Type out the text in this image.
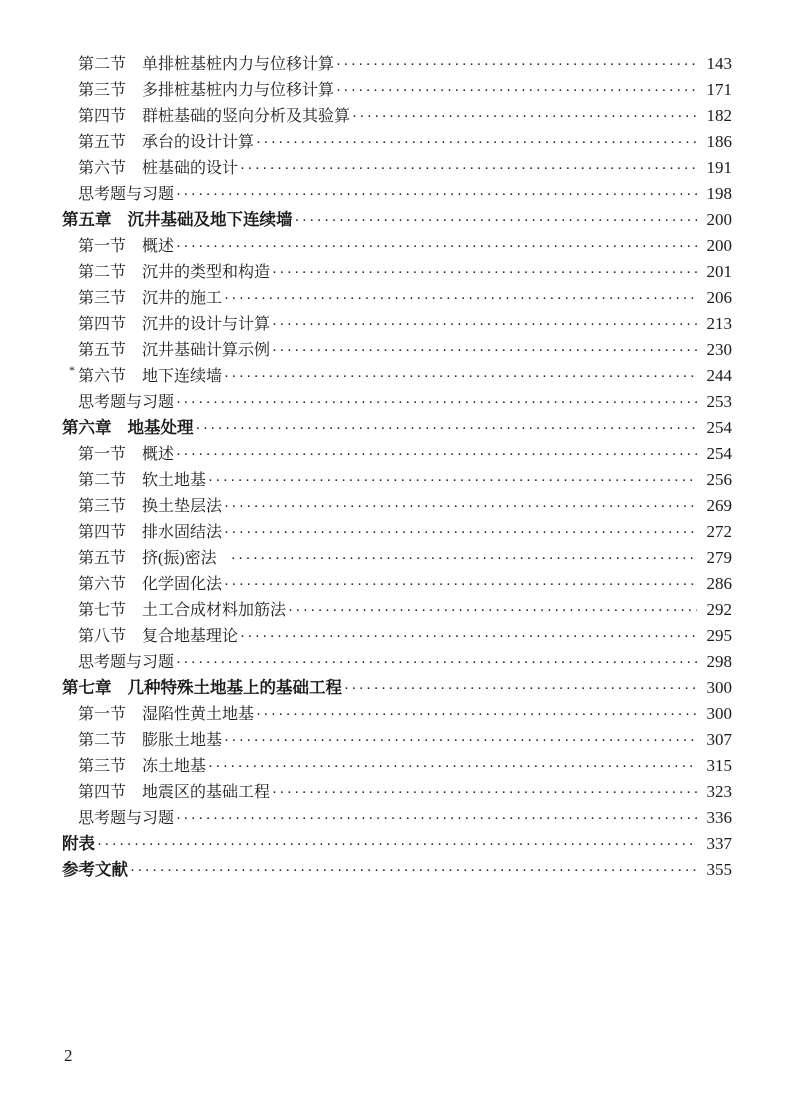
第二节 单排桩基桩内力与位移计算 ·····	143
第三节 多排桩基桩内力与位移计算 ·····	171
第四节 群桩基础的竖向分析及其验算 ·····	182
第五节 承台的设计计算 ·····	186
第六节 桩基础的设计 ·····	191
思考题与习题 ·····	198
第五章 沉井基础及地下连续墙 ·····	200
第一节 概述 ·····	200
第二节 沉井的类型和构造 ·····	201
第三节 沉井的施工 ·····	206
第四节 沉井的设计与计算 ·····	213
第五节 沉井基础计算示例 ·····	230
* 第六节 地下连续墙 ·····	244
思考题与习题 ·····	253
第六章 地基处理 ·····	254
第一节 概述 ·····	254
第二节 软土地基 ·····	256
第三节 换土垫层法 ·····	269
第四节 排水固结法 ·····	272
第五节 挤(振)密法 ·····	279
第六节 化学固化法 ·····	286
第七节 土工合成材料加筋法 ·····	292
第八节 复合地基理论 ·····	295
思考题与习题 ·····	298
第七章 几种特殊土地基上的基础工程 ·····	300
第一节 湿陷性黄土地基 ·····	300
第二节 膨胀土地基 ·····	307
第三节 冻土地基 ·····	315
第四节 地震区的基础工程 ·····	323
思考题与习题 ·····	336
附表 ·····	337
参考文献 ·····	355
2
